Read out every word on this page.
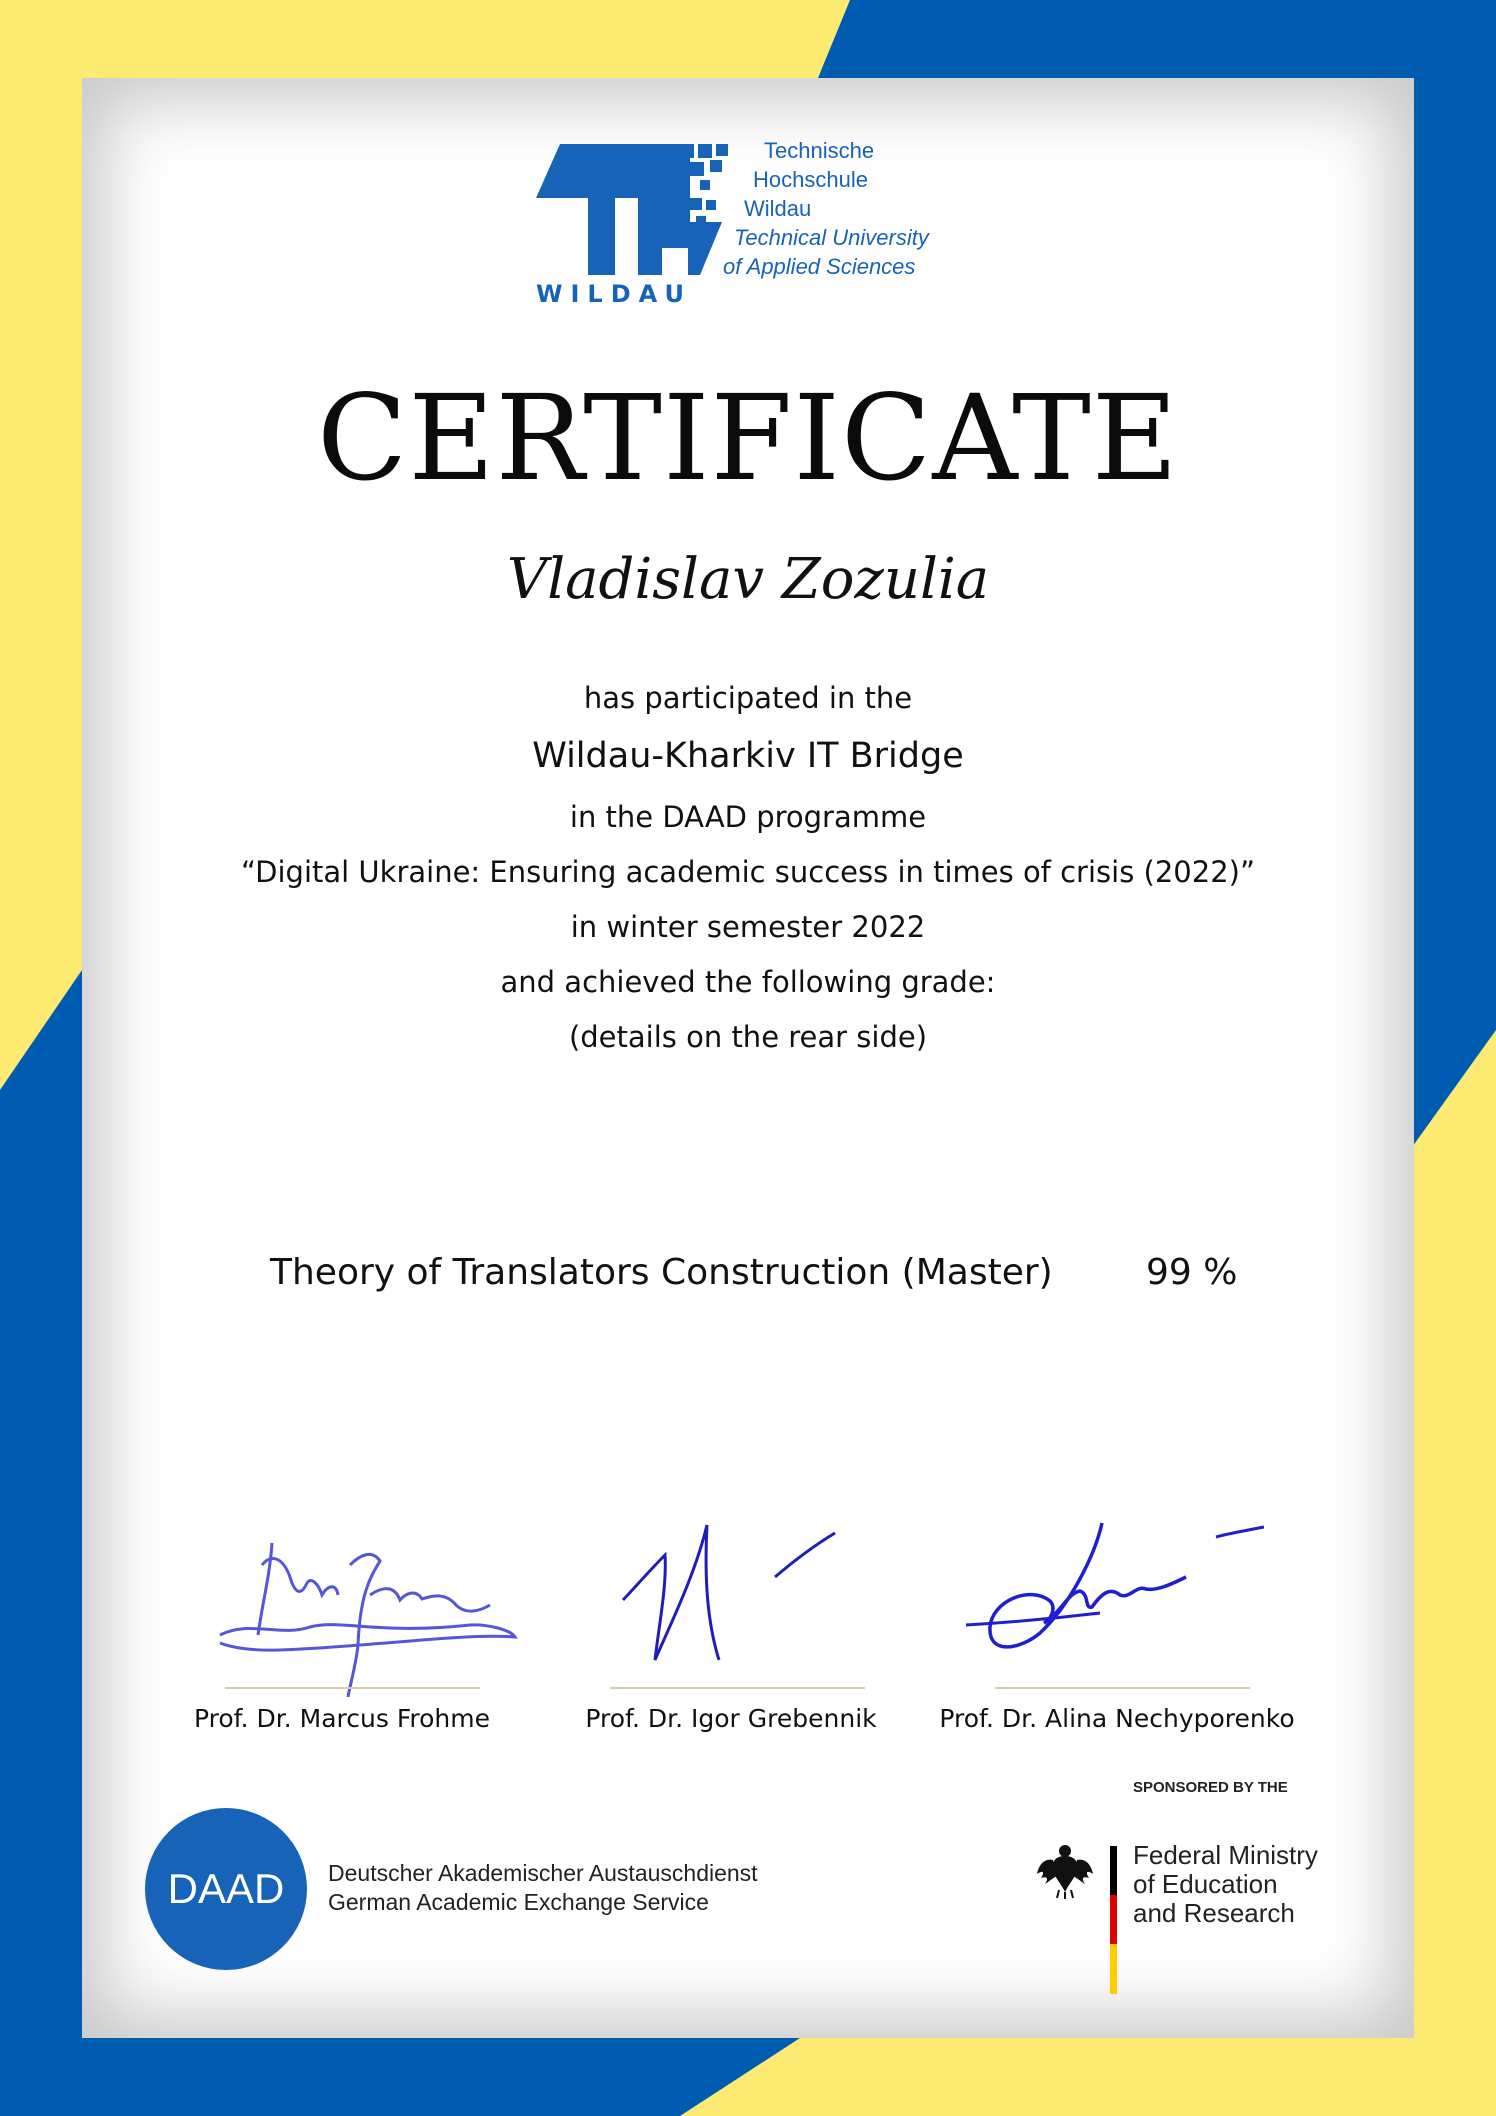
WILDAU
Technische
Hochschule
Wildau
Technical University
of Applied Sciences
CERTIFICATE
Vladislav Zozulia
has participated in the
Wildau-Kharkiv IT Bridge
in the DAAD programme
“Digital Ukraine: Ensuring academic success in times of crisis (2022)”
in winter semester 2022
and achieved the following grade:
(details on the rear side)
Theory of Translators Construction (Master)	99 %
Prof. Dr. Marcus Frohme	Prof. Dr. Igor Grebennik	Prof. Dr. Alina Nechyporenko
DAAD	Deutscher Akademischer Austauschdienst
German Academic Exchange Service
SPONSORED BY THE
Federal Ministry
of Education
and Research
